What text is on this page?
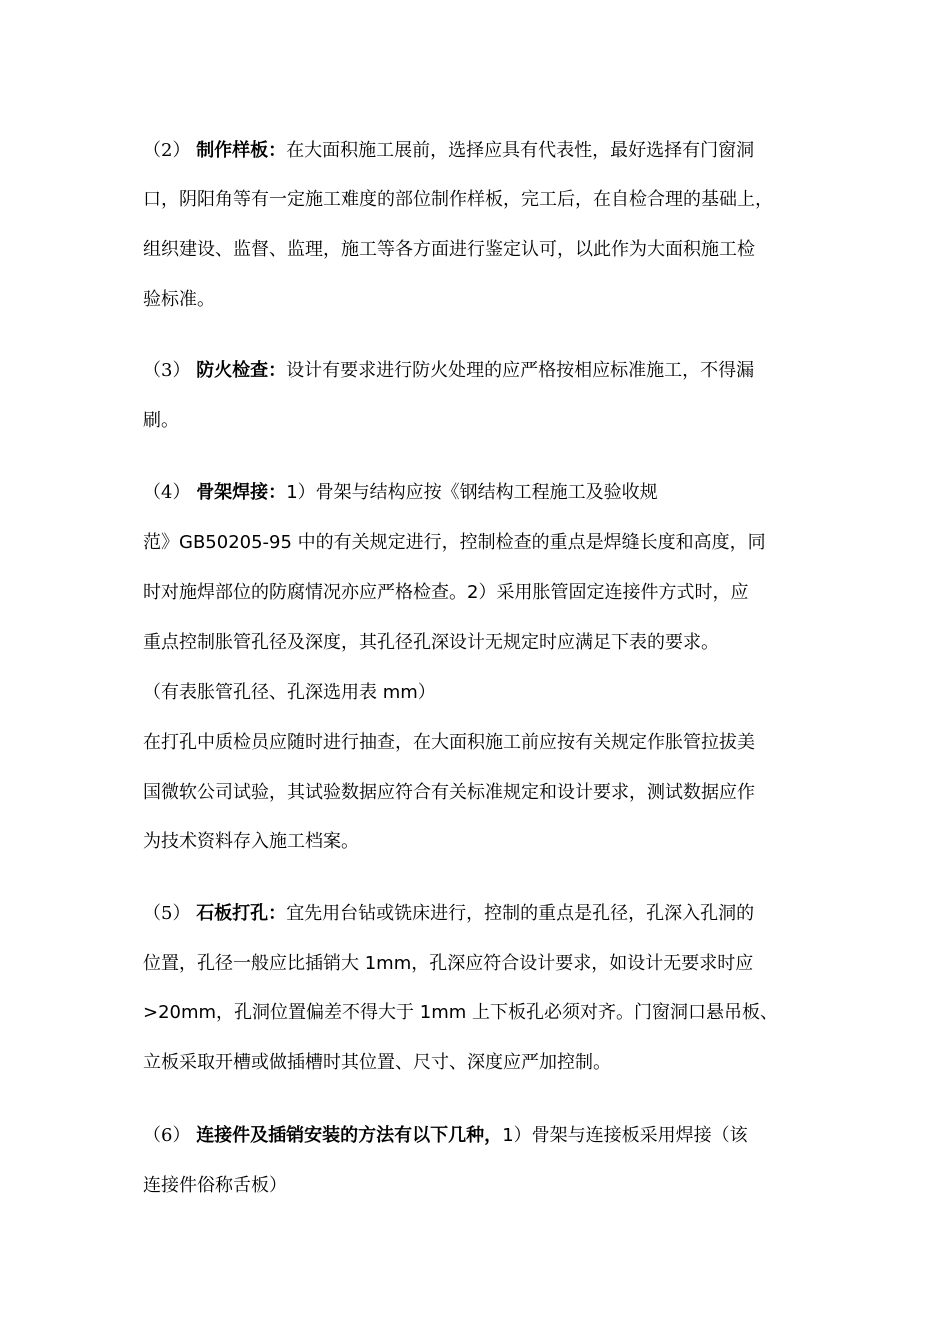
（2） 制作样板：在大面积施工展前，选择应具有代表性，最好选择有门窗洞
口，阴阳角等有一定施工难度的部位制作样板，完工后，在自检合理的基础上，
组织建设、监督、监理，施工等各方面进行鉴定认可，以此作为大面积施工检
验标准。
（3） 防火检查：设计有要求进行防火处理的应严格按相应标准施工，不得漏
刷。
（4） 骨架焊接：1）骨架与结构应按《钢结构工程施工及验收规
范》GB50205-95 中的有关规定进行，控制检查的重点是焊缝长度和高度，同
时对施焊部位的防腐情况亦应严格检查。2）采用胀管固定连接件方式时，应
重点控制胀管孔径及深度，其孔径孔深设计无规定时应满足下表的要求。
（有表胀管孔径、孔深选用表 mm）
在打孔中质检员应随时进行抽查，在大面积施工前应按有关规定作胀管拉拔美
国微软公司试验，其试验数据应符合有关标准规定和设计要求，测试数据应作
为技术资料存入施工档案。
（5） 石板打孔：宜先用台钻或铣床进行，控制的重点是孔径，孔深入孔洞的
位置，孔径一般应比插销大 1mm，孔深应符合设计要求，如设计无要求时应
>20mm，孔洞位置偏差不得大于 1mm 上下板孔必须对齐。门窗洞口悬吊板、
立板采取开槽或做插槽时其位置、尺寸、深度应严加控制。
（6） 连接件及插销安装的方法有以下几种，1）骨架与连接板采用焊接（该
连接件俗称舌板）
